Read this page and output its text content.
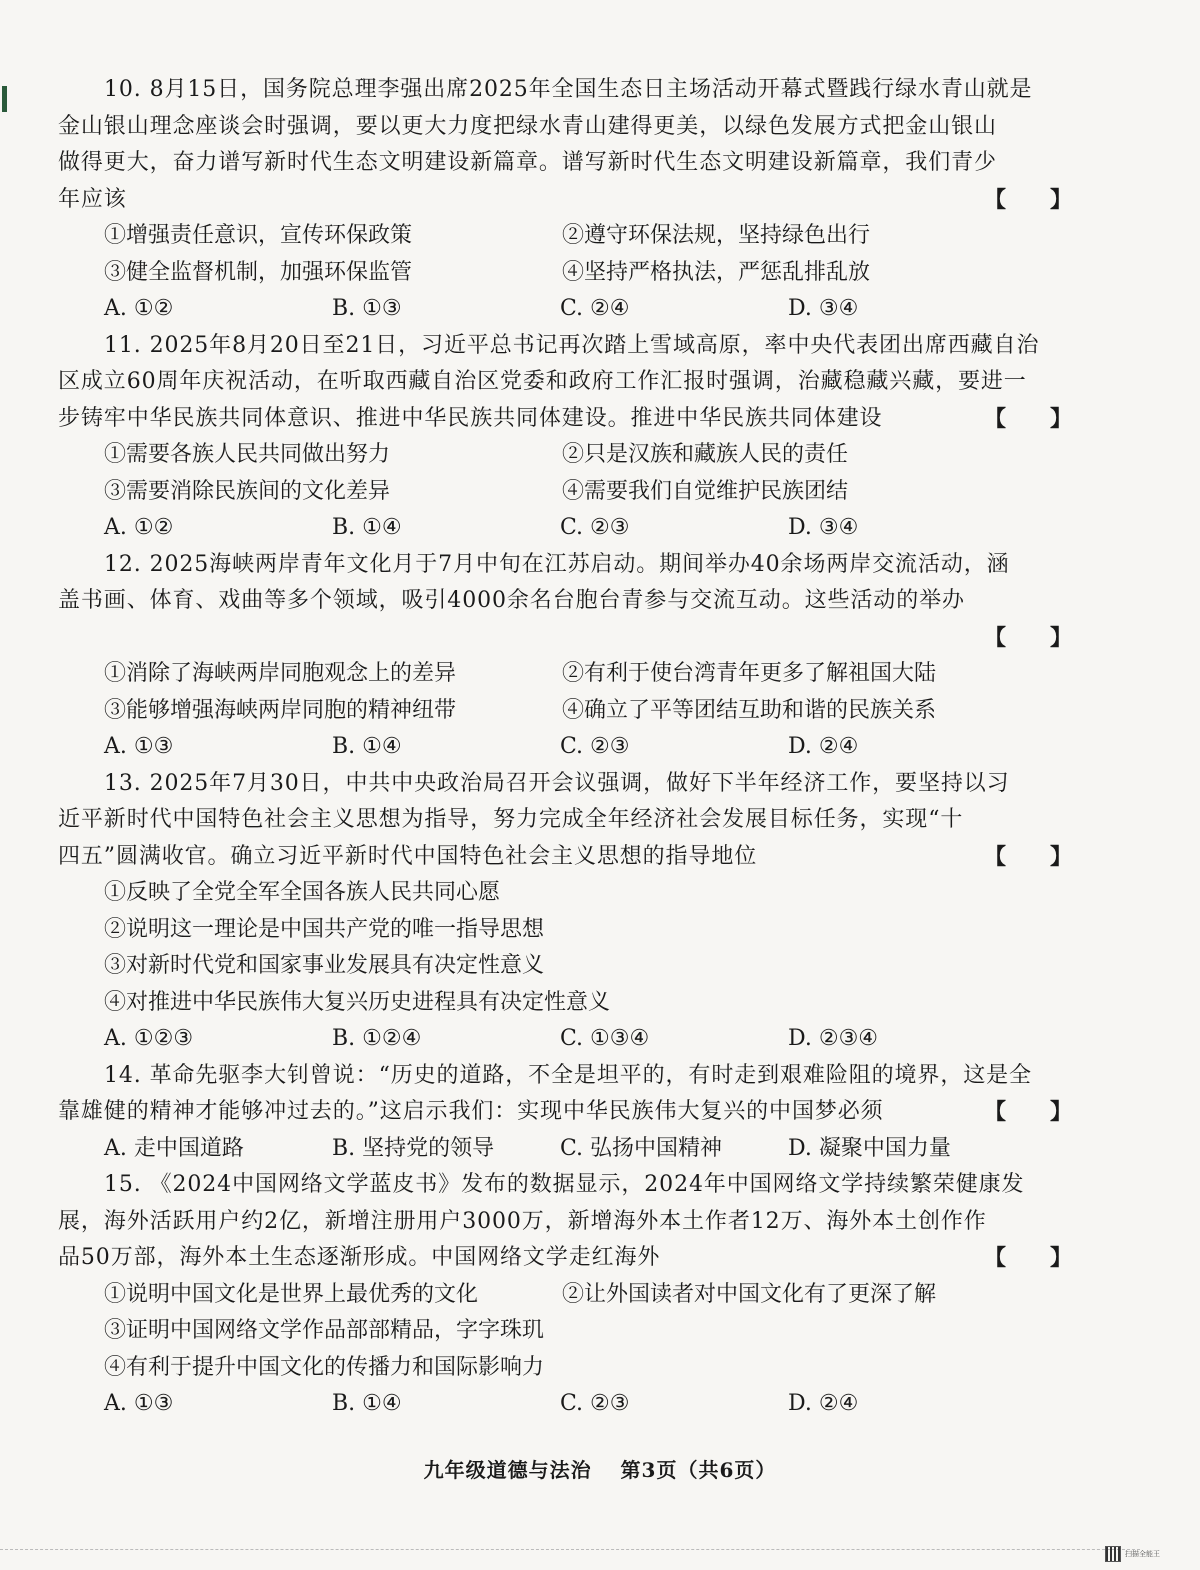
10. 8月15日，国务院总理李强出席2025年全国生态日主场活动开幕式暨践行绿水青山就是
金山银山理念座谈会时强调，要以更大力度把绿水青山建得更美，以绿色发展方式把金山银山
做得更大，奋力谱写新时代生态文明建设新篇章。谱写新时代生态文明建设新篇章，我们青少
年应该	【　　】
①增强责任意识，宣传环保政策	②遵守环保法规，坚持绿色出行
③健全监督机制，加强环保监管	④坚持严格执法，严惩乱排乱放
A. ①②	B. ①③	C. ②④	D. ③④
11. 2025年8月20日至21日，习近平总书记再次踏上雪域高原，率中央代表团出席西藏自治
区成立60周年庆祝活动，在听取西藏自治区党委和政府工作汇报时强调，治藏稳藏兴藏，要进一
步铸牢中华民族共同体意识、推进中华民族共同体建设。推进中华民族共同体建设	【　　】
①需要各族人民共同做出努力	②只是汉族和藏族人民的责任
③需要消除民族间的文化差异	④需要我们自觉维护民族团结
A. ①②	B. ①④	C. ②③	D. ③④
12. 2025海峡两岸青年文化月于7月中旬在江苏启动。期间举办40余场两岸交流活动，涵
盖书画、体育、戏曲等多个领域，吸引4000余名台胞台青参与交流互动。这些活动的举办
【　　】
①消除了海峡两岸同胞观念上的差异	②有利于使台湾青年更多了解祖国大陆
③能够增强海峡两岸同胞的精神纽带	④确立了平等团结互助和谐的民族关系
A. ①③	B. ①④	C. ②③	D. ②④
13. 2025年7月30日，中共中央政治局召开会议强调，做好下半年经济工作，要坚持以习
近平新时代中国特色社会主义思想为指导，努力完成全年经济社会发展目标任务，实现“十
四五”圆满收官。确立习近平新时代中国特色社会主义思想的指导地位	【　　】
①反映了全党全军全国各族人民共同心愿
②说明这一理论是中国共产党的唯一指导思想
③对新时代党和国家事业发展具有决定性意义
④对推进中华民族伟大复兴历史进程具有决定性意义
A. ①②③	B. ①②④	C. ①③④	D. ②③④
14. 革命先驱李大钊曾说：“历史的道路，不全是坦平的，有时走到艰难险阻的境界，这是全
靠雄健的精神才能够冲过去的。”这启示我们：实现中华民族伟大复兴的中国梦必须	【　　】
A. 走中国道路	B. 坚持党的领导	C. 弘扬中国精神	D. 凝聚中国力量
15. 《2024中国网络文学蓝皮书》发布的数据显示，2024年中国网络文学持续繁荣健康发
展，海外活跃用户约2亿，新增注册用户3000万，新增海外本土作者12万、海外本土创作作
品50万部，海外本土生态逐渐形成。中国网络文学走红海外	【　　】
①说明中国文化是世界上最优秀的文化	②让外国读者对中国文化有了更深了解
③证明中国网络文学作品部部精品，字字珠玑
④有利于提升中国文化的传播力和国际影响力
A. ①③	B. ①④	C. ②③	D. ②④
九年级道德与法治　 第3页（共6页）
扫描全能王
